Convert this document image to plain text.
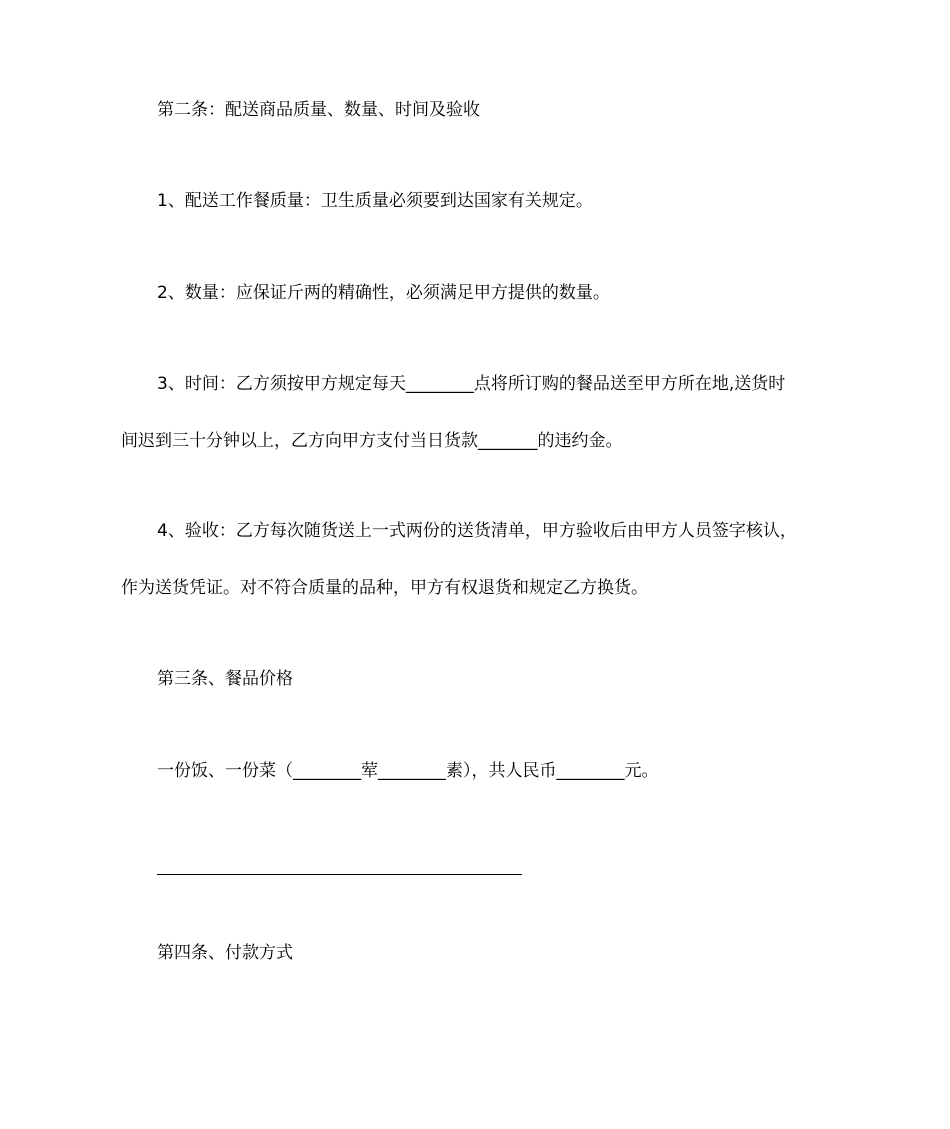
第二条：配送商品质量、数量、时间及验收
1、配送工作餐质量：卫生质量必须要到达国家有关规定。
2、数量：应保证斤两的精确性，必须满足甲方提供的数量。
3、时间：乙方须按甲方规定每天________点将所订购的餐品送至甲方所在地,送货时
间迟到三十分钟以上，乙方向甲方支付当日货款_______的违约金。
4、验收：乙方每次随货送上一式两份的送货清单，甲方验收后由甲方人员签字核认，
作为送货凭证。对不符合质量的品种，甲方有权退货和规定乙方换货。
第三条、餐品价格
一份饭、一份菜（________荤________素），共人民币________元。
第四条、付款方式
